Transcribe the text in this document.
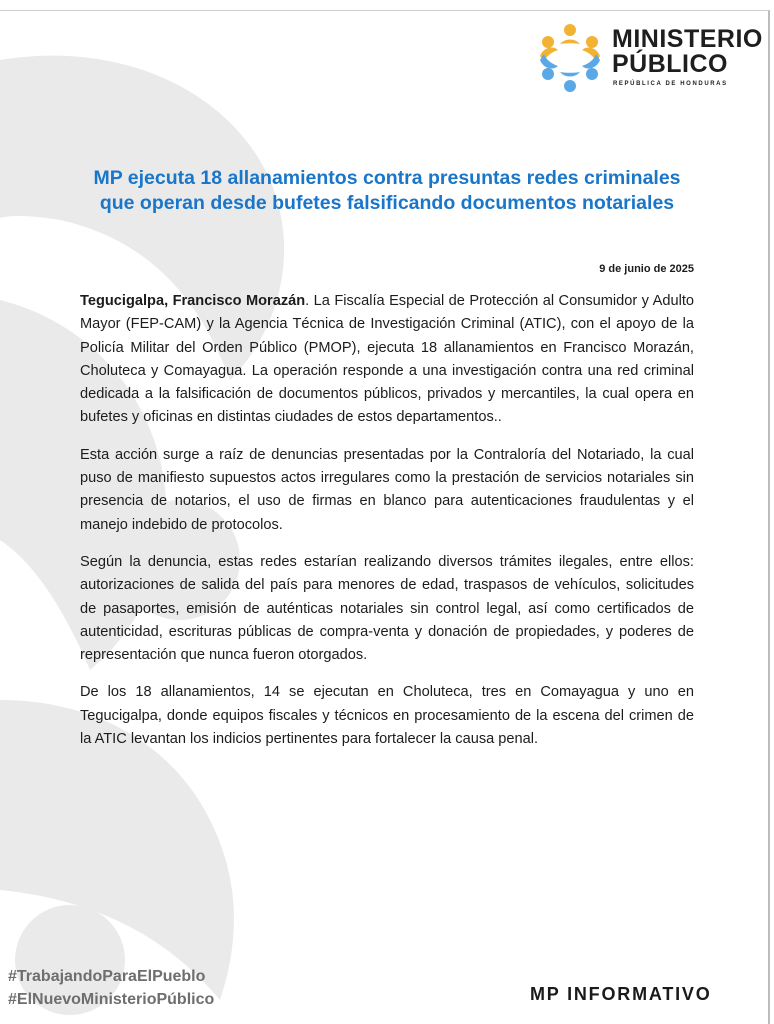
MINISTERIO
PÚBLICO
REPÚBLICA DE HONDURAS
MP ejecuta 18 allanamientos contra presuntas redes criminales
que operan desde bufetes falsificando documentos notariales
9 de junio de 2025

Tegucigalpa, Francisco Morazán. La Fiscalía Especial de Protección al Consumidor y Adulto Mayor (FEP-CAM) y la Agencia Técnica de Investigación Criminal (ATIC), con el apoyo de la Policía Militar del Orden Público (PMOP), ejecuta 18 allanamientos en Francisco Morazán, Choluteca y Comayagua. La operación responde a una investigación contra una red criminal dedicada a la falsificación de documentos públicos, privados y mercantiles, la cual opera en bufetes y oficinas en distintas ciudades de estos departamentos..

Esta acción surge a raíz de denuncias presentadas por la Contraloría del Notariado, la cual puso de manifiesto supuestos actos irregulares como la prestación de servicios notariales sin presencia de notarios, el uso de firmas en blanco para autenticaciones fraudulentas y el manejo indebido de protocolos.

Según la denuncia, estas redes estarían realizando diversos trámites ilegales, entre ellos: autorizaciones de salida del país para menores de edad, traspasos de vehículos, solicitudes de pasaportes, emisión de auténticas notariales sin control legal, así como certificados de autenticidad, escrituras públicas de compra-venta y donación de propiedades, y poderes de representación que nunca fueron otorgados.

De los 18 allanamientos, 14 se ejecutan en Choluteca, tres en Comayagua y uno en Tegucigalpa, donde equipos fiscales y técnicos en procesamiento de la escena del crimen de la ATIC levantan los indicios pertinentes para fortalecer la causa penal.

#TrabajandoParaElPueblo
#ElNuevoMinisterioPúblico	MP INFORMATIVO
